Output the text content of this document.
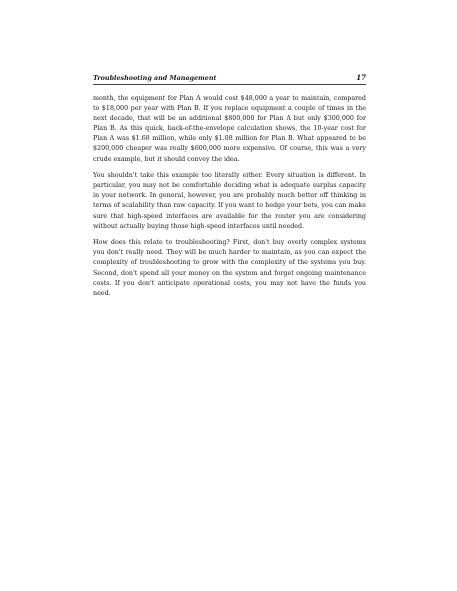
Troubleshooting and Management	17

month, the equipment for Plan A would cost $48,000 a year to maintain, compared to $18,000 per year with Plan B. If you replace equipment a couple of times in the next decade, that will be an additional $800,000 for Plan A but only $300,000 for Plan B. As this quick, back-of-the-envelope calculation shows, the 10-year cost for Plan A was $1.68 million, while only $1.08 million for Plan B. What appeared to be $200,000 cheaper was really $600,000 more expensive. Of course, this was a very crude example, but it should convey the idea.

You shouldn't take this example too literally either. Every situation is different. In particular, you may not be comfortable deciding what is adequate surplus capacity in your network. In general, however, you are probably much better off thinking in terms of scalability than raw capacity. If you want to hedge your bets, you can make sure that high-speed interfaces are available for the router you are considering without actually buying those high-speed interfaces until needed.

How does this relate to troubleshooting? First, don't buy overly complex systems you don't really need. They will be much harder to maintain, as you can expect the complexity of troubleshooting to grow with the complexity of the systems you buy. Second, don't spend all your money on the system and forget ongoing maintenance costs. If you don't anticipate operational costs, you may not have the funds you need.
